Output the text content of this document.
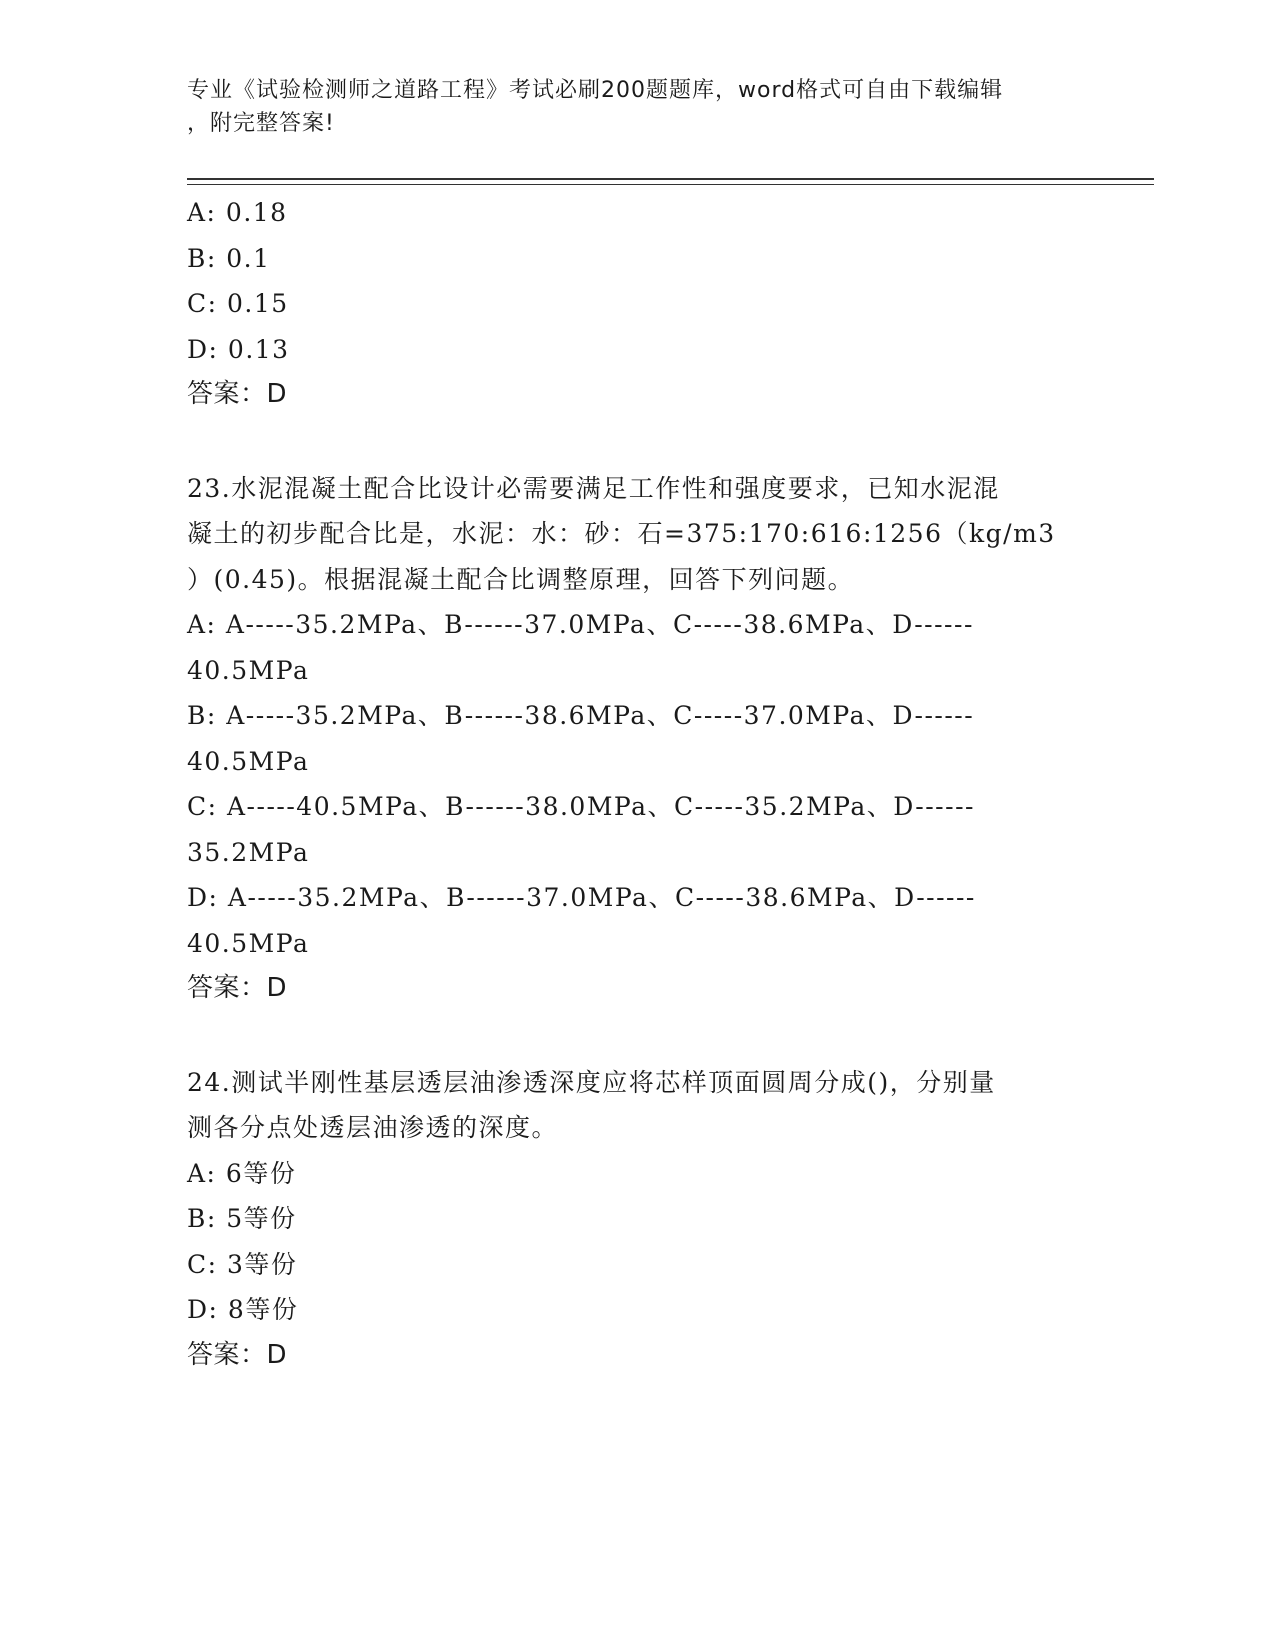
专业《试验检测师之道路工程》考试必刷200题题库，word格式可自由下载编辑
，附完整答案!
A: 0.18
B: 0.1
C: 0.15
D: 0.13
答案：D
23.水泥混凝土配合比设计必需要满足工作性和强度要求，已知水泥混
凝土的初步配合比是，水泥：水：砂：石=375:170:616:1256（kg/m3
）(0.45)。根据混凝土配合比调整原理，回答下列问题。
A: A-----35.2MPa、B------37.0MPa、C-----38.6MPa、D------
40.5MPa
B: A-----35.2MPa、B------38.6MPa、C-----37.0MPa、D------
40.5MPa
C: A-----40.5MPa、B------38.0MPa、C-----35.2MPa、D------
35.2MPa
D: A-----35.2MPa、B------37.0MPa、C-----38.6MPa、D------
40.5MPa
答案：D
24.测试半刚性基层透层油渗透深度应将芯样顶面圆周分成()，分别量
测各分点处透层油渗透的深度。
A: 6等份
B: 5等份
C: 3等份
D: 8等份
答案：D
